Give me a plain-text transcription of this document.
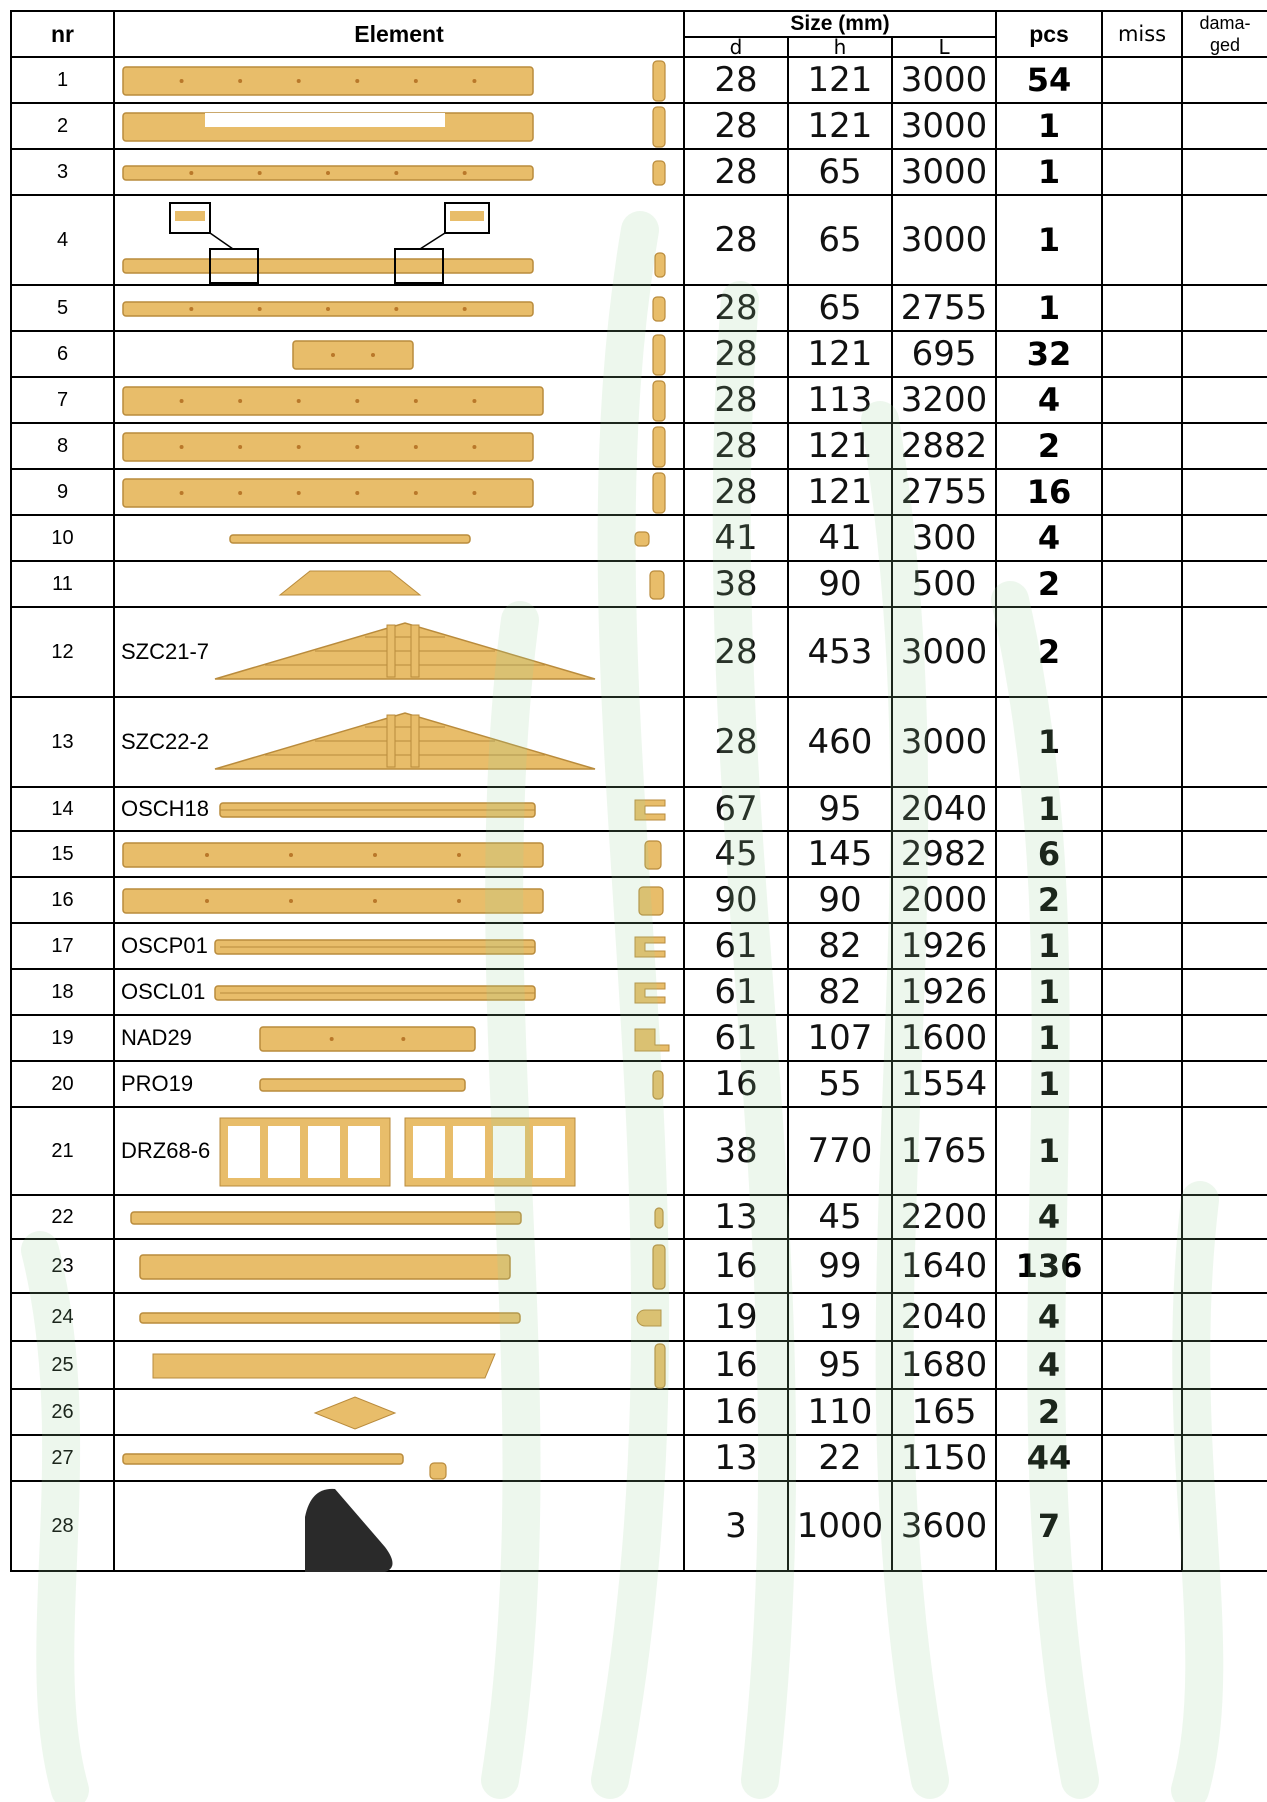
nr	Element	Size (mm)			pcs	miss	dama-
ged

		d	h	L			
1		28	121	3000	54		
2		28	121	3000	1		
3		28	65	3000	1		
4		28	65	3000	1		
5		28	65	2755	1		
6		28	121	695	32		
7		28	113	3200	4		
8		28	121	2882	2		
9		28	121	2755	16		
10		41	41	300	4		
11		38	90	500	2		
12	SZC21-7	28	453	3000	2		
13	SZC22-2	28	460	3000	1		
14	OSCH18	67	95	2040	1		
15		45	145	2982	6		
16		90	90	2000	2		
17	OSCP01	61	82	1926	1		
18	OSCL01	61	82	1926	1		
19	NAD29	61	107	1600	1		
20	PRO19	16	55	1554	1		
21	DRZ68-6	38	770	1765	1		
22		13	45	2200	4		
23		16	99	1640	136		
24		19	19	2040	4		
25		16	95	1680	4		
26		16	110	165	2		
27		13	22	1150	44		
28		3	1000	3600	7		
